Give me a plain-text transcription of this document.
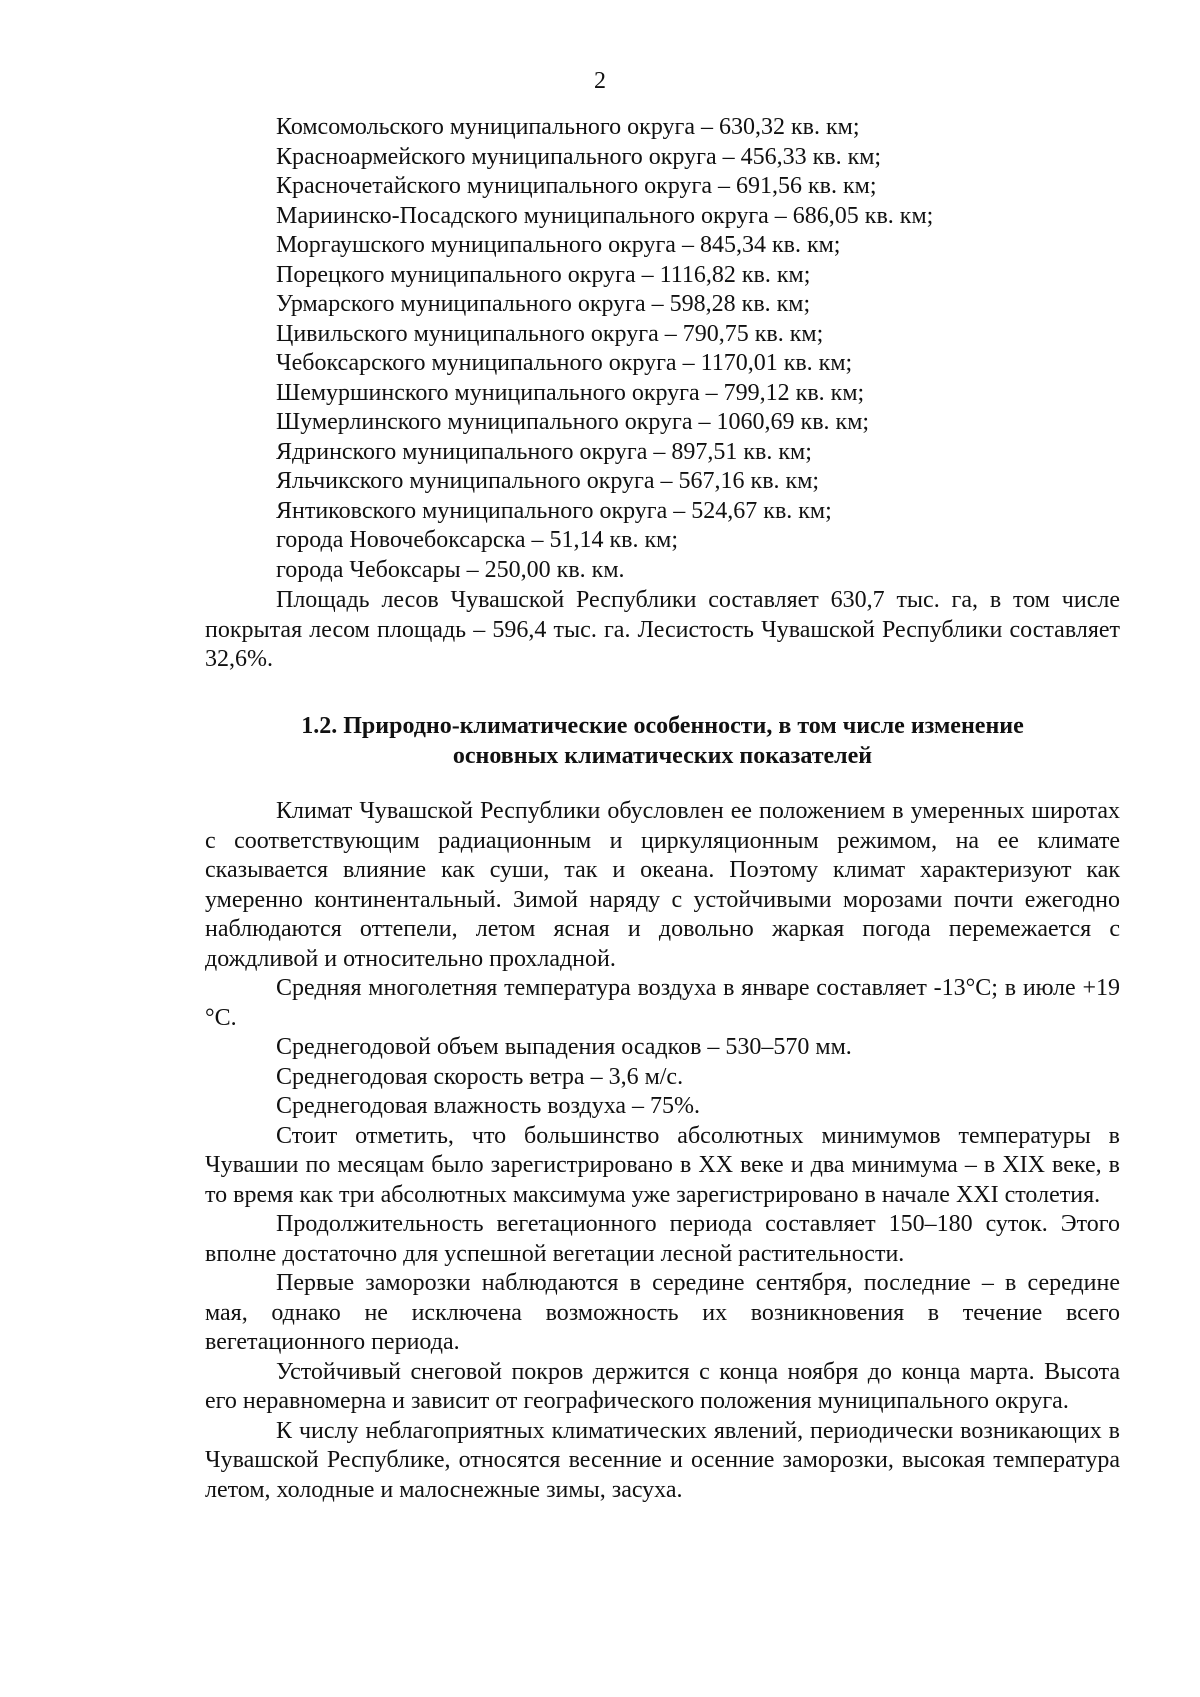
2
Комсомольского муниципального округа – 630,32 кв. км;
Красноармейского муниципального округа – 456,33 кв. км;
Красночетайского муниципального округа – 691,56 кв. км;
Мариинско-Посадского муниципального округа – 686,05 кв. км;
Моргаушского муниципального округа – 845,34 кв. км;
Порецкого муниципального округа – 1116,82 кв. км;
Урмарского муниципального округа – 598,28 кв. км;
Цивильского муниципального округа – 790,75 кв. км;
Чебоксарского муниципального округа – 1170,01 кв. км;
Шемуршинского муниципального округа – 799,12 кв. км;
Шумерлинского муниципального округа – 1060,69 кв. км;
Ядринского муниципального округа – 897,51 кв. км;
Яльчикского муниципального округа – 567,16 кв. км;
Янтиковского муниципального округа – 524,67 кв. км;
города Новочебоксарска – 51,14 кв. км;
города Чебоксары – 250,00 кв. км.

Площадь лесов Чувашской Республики составляет 630,7 тыс. га, в том числе покрытая лесом площадь – 596,4 тыс. га. Лесистость Чувашской Республики составляет 32,6%.

1.2. Природно-климатические особенности, в том числе изменение
основных климатических показателей

Климат Чувашской Республики обусловлен ее положением в умеренных широтах с соответствующим радиационным и циркуляционным режимом, на ее климате сказывается влияние как суши, так и океана. Поэтому климат характеризуют как умеренно континентальный. Зимой наряду с устойчивыми морозами почти ежегодно наблюдаются оттепели, летом ясная и довольно жаркая погода перемежается с дождливой и относительно прохладной.

Средняя многолетняя температура воздуха в январе составляет -13°С; в июле +19 °С.

Среднегодовой объем выпадения осадков – 530–570 мм.

Среднегодовая скорость ветра – 3,6 м/с.

Среднегодовая влажность воздуха – 75%.

Стоит отметить, что большинство абсолютных минимумов температуры в Чувашии по месяцам было зарегистрировано в XX веке и два минимума – в XIX веке, в то время как три абсолютных максимума уже зарегистрировано в начале XXI столетия.

Продолжительность вегетационного периода составляет 150–180 суток. Этого вполне достаточно для успешной вегетации лесной растительности.

Первые заморозки наблюдаются в середине сентября, последние – в середине мая, однако не исключена возможность их возникновения в течение всего вегетационного периода.

Устойчивый снеговой покров держится с конца ноября до конца марта. Высота его неравномерна и зависит от географического положения муниципального округа.

К числу неблагоприятных климатических явлений, периодически возникающих в Чувашской Республике, относятся весенние и осенние заморозки, высокая температура летом, холодные и малоснежные зимы, засуха.
